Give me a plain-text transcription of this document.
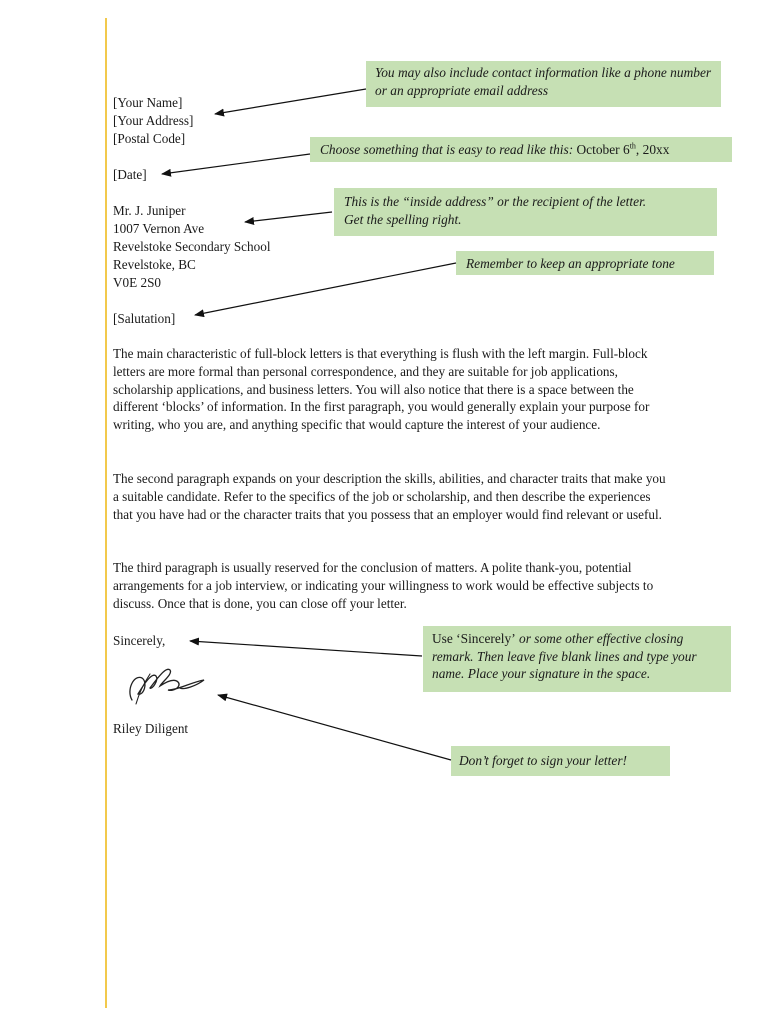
[Your Name]
[Your Address]
[Postal Code]
[Date]
Mr. J. Juniper
1007 Vernon Ave
Revelstoke Secondary School
Revelstoke, BC
V0E 2S0
[Salutation]

The main characteristic of full-block letters is that everything is flush with the left margin. Full-block letters are more formal than personal correspondence, and they are suitable for job applications, scholarship applications, and business letters. You will also notice that there is a space between the different ‘blocks’ of information. In the first paragraph, you would generally explain your purpose for writing, who you are, and anything specific that would capture the interest of your audience.

The second paragraph expands on your description the skills, abilities, and character traits that make you a suitable candidate. Refer to the specifics of the job or scholarship, and then describe the experiences that you have had or the character traits that you possess that an employer would find relevant or useful.

The third paragraph is usually reserved for the conclusion of matters. A polite thank-you, potential arrangements for a job interview, or indicating your willingness to work would be effective subjects to discuss. Once that is done, you can close off your letter.

Sincerely,
Riley Diligent
You may also include contact information like a phone number or an appropriate email address
Choose something that is easy to read like this: October 6th, 20xx
This is the “inside address” or the recipient of the letter.
Get the spelling right.
Remember to keep an appropriate tone
Use ‘Sincerely’ or some other effective closing remark. Then leave five blank lines and type your name. Place your signature in the space.
Don’t forget to sign your letter!
